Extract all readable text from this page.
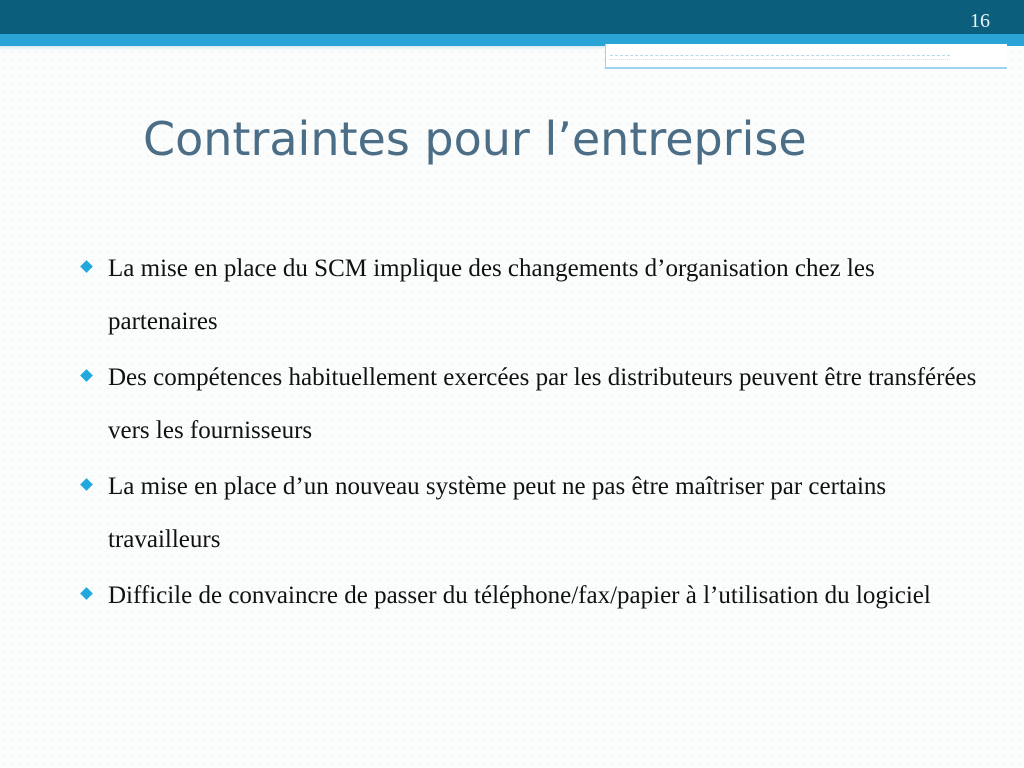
16
Contraintes pour l’entreprise
La mise en place du SCM implique des changements d’organisation chez les partenaires
Des compétences habituellement exercées par les distributeurs peuvent être transférées vers les fournisseurs
La mise en place d’un nouveau système peut ne pas être maîtriser par certains travailleurs
Difficile de convaincre de passer du téléphone/fax/papier à l’utilisation du logiciel
